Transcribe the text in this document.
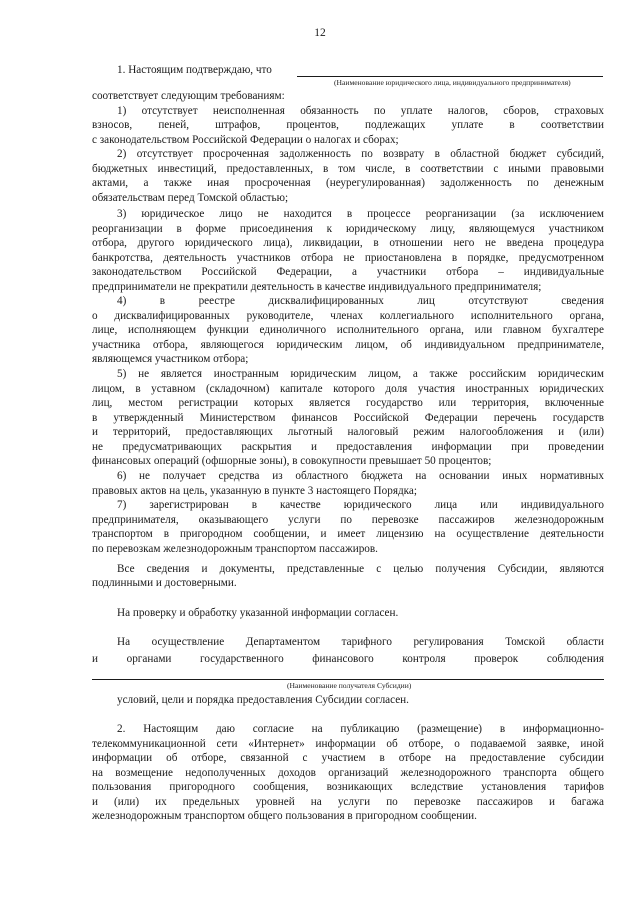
12
1. Настоящим подтверждаю, что
(Наименование юридического лица, индивидуального предпринимателя)
соответствует следующим требованиям:
1) отсутствует неисполненная обязанность по уплате налогов, сборов, страховых
взносов, пеней, штрафов, процентов, подлежащих уплате в соответствии
с законодательством Российской Федерации о налогах и сборах;
2) отсутствует просроченная задолженность по возврату в областной бюджет субсидий,
бюджетных инвестиций, предоставленных, в том числе, в соответствии с иными правовыми
актами, а также иная просроченная (неурегулированная) задолженность по денежным
обязательствам перед Томской областью;
3) юридическое лицо не находится в процессе реорганизации (за исключением
реорганизации в форме присоединения к юридическому лицу, являющемуся участником
отбора, другого юридического лица), ликвидации, в отношении него не введена процедура
банкротства, деятельность участников отбора не приостановлена в порядке, предусмотренном
законодательством Российской Федерации, а участники отбора – индивидуальные
предприниматели не прекратили деятельность в качестве индивидуального предпринимателя;
4) в реестре дисквалифицированных лиц отсутствуют сведения
о дисквалифицированных руководителе, членах коллегиального исполнительного органа,
лице, исполняющем функции единоличного исполнительного органа, или главном бухгалтере
участника отбора, являющегося юридическим лицом, об индивидуальном предпринимателе,
являющемся участником отбора;
5) не является иностранным юридическим лицом, а также российским юридическим
лицом, в уставном (складочном) капитале которого доля участия иностранных юридических
лиц, местом регистрации которых является государство или территория, включенные
в утвержденный Министерством финансов Российской Федерации перечень государств
и территорий, предоставляющих льготный налоговый режим налогообложения и (или)
не предусматривающих раскрытия и предоставления информации при проведении
финансовых операций (офшорные зоны), в совокупности превышает 50 процентов;
6) не получает средства из областного бюджета на основании иных нормативных
правовых актов на цель, указанную в пункте 3 настоящего Порядка;
7) зарегистрирован в качестве юридического лица или индивидуального
предпринимателя, оказывающего услуги по перевозке пассажиров железнодорожным
транспортом в пригородном сообщении, и имеет лицензию на осуществление деятельности
по перевозкам железнодорожным транспортом пассажиров.
Все сведения и документы, представленные с целью получения Субсидии, являются
подлинными и достоверными.
На проверку и обработку указанной информации согласен.
На осуществление Департаментом тарифного регулирования Томской области
и органами государственного финансового контроля проверок соблюдения
(Наименование получателя Субсидии)
условий, цели и порядка предоставления Субсидии согласен.
2. Настоящим даю согласие на публикацию (размещение) в информационно-
телекоммуникационной сети «Интернет» информации об отборе, о подаваемой заявке, иной
информации об отборе, связанной с участием в отборе на предоставление субсидии
на возмещение недополученных доходов организаций железнодорожного транспорта общего
пользования пригородного сообщения, возникающих вследствие установления тарифов
и (или) их предельных уровней на услуги по перевозке пассажиров и багажа
железнодорожным транспортом общего пользования в пригородном сообщении.
